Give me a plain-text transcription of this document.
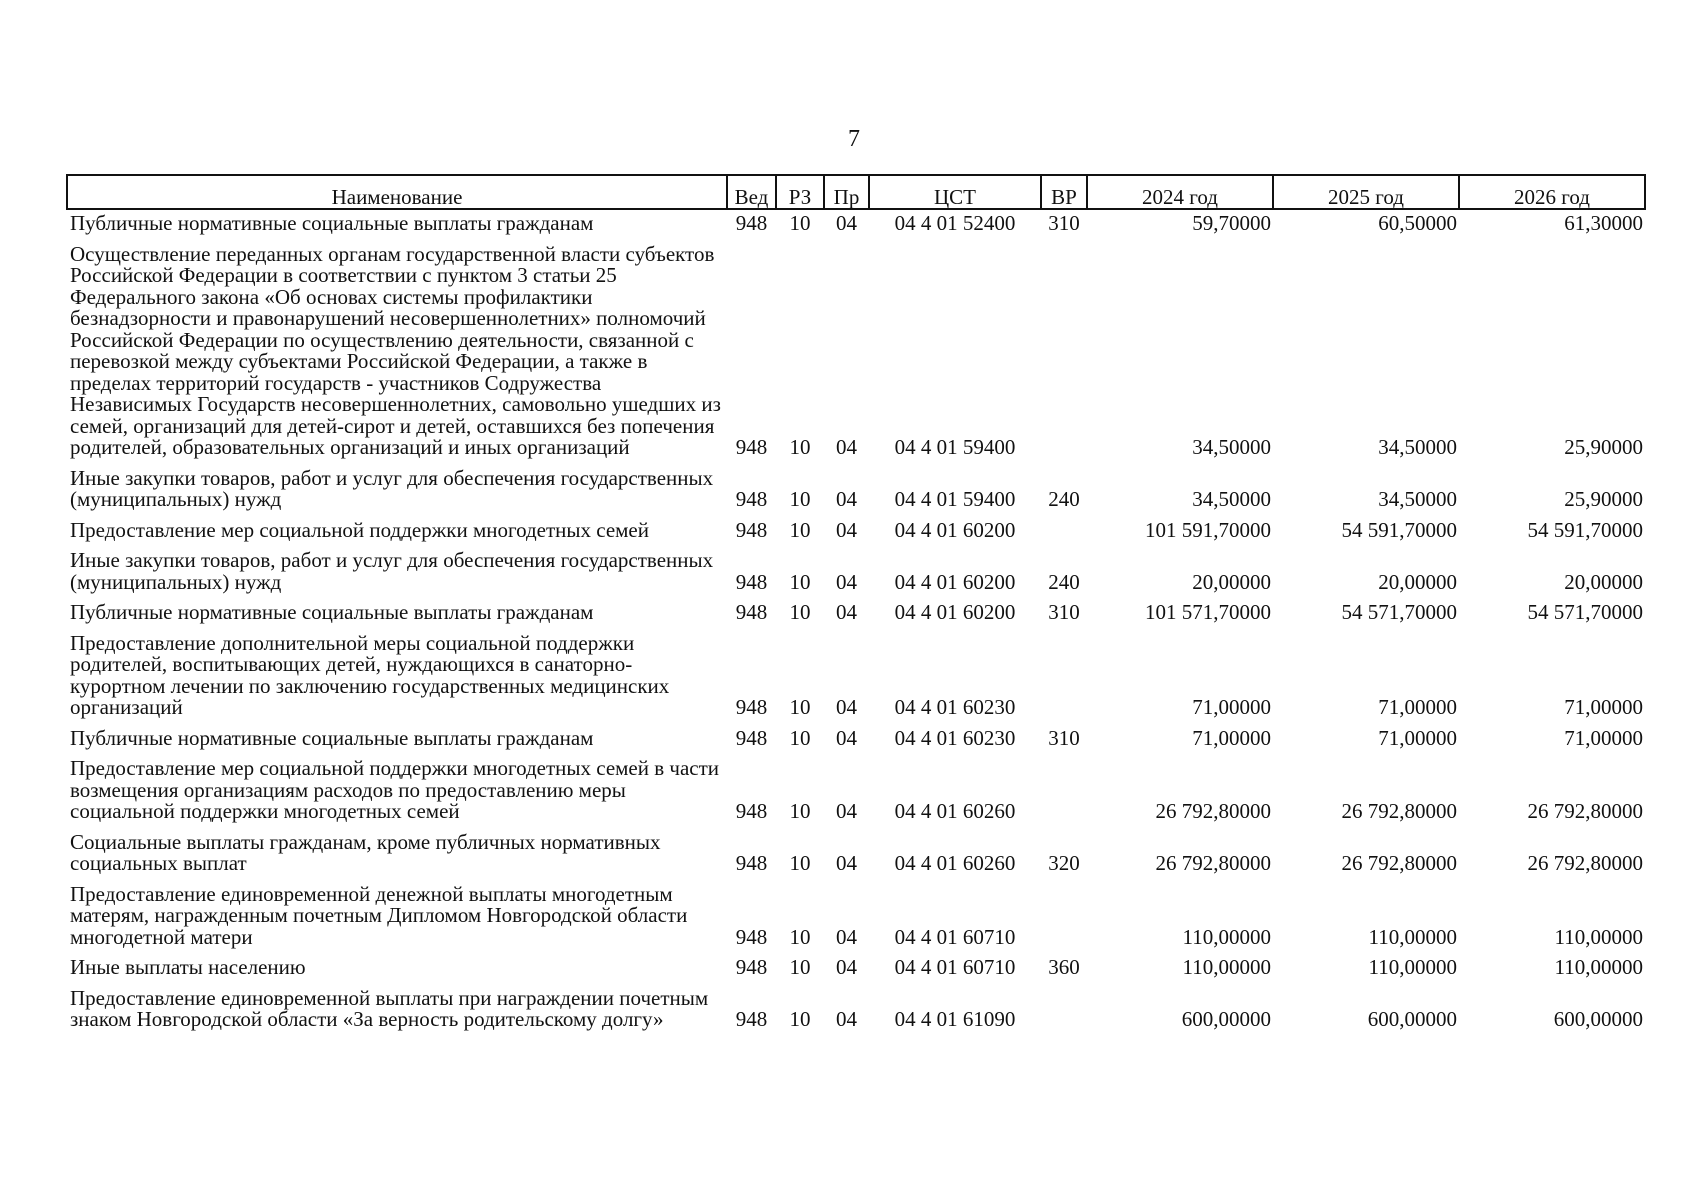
7
Наименование	Вед	РЗ	Пр	ЦСТ	ВР	2024 год	2025 год	2026 год
Публичные нормативные социальные выплаты гражданам	948	10	04	04 4 01 52400	310	59,70000	60,50000	61,30000
Осуществление переданных органам государственной власти субъектов Российской Федерации в соответствии с пунктом 3 статьи 25 Федерального закона «Об основах системы профилактики безнадзорности и правонарушений несовершеннолетних» полномочий Российской Федерации по осуществлению деятельности, связанной с перевозкой между субъектами Российской Федерации, а также в пределах территорий государств - участников Содружества Независимых Государств несовершеннолетних, самовольно ушедших из семей, организаций для детей-сирот и детей, оставшихся без попечения родителей, образовательных организаций и иных организаций	948	10	04	04 4 01 59400		34,50000	34,50000	25,90000
Иные закупки товаров, работ и услуг для обеспечения государственных (муниципальных) нужд	948	10	04	04 4 01 59400	240	34,50000	34,50000	25,90000
Предоставление мер социальной поддержки многодетных семей	948	10	04	04 4 01 60200		101 591,70000	54 591,70000	54 591,70000
Иные закупки товаров, работ и услуг для обеспечения государственных (муниципальных) нужд	948	10	04	04 4 01 60200	240	20,00000	20,00000	20,00000
Публичные нормативные социальные выплаты гражданам	948	10	04	04 4 01 60200	310	101 571,70000	54 571,70000	54 571,70000
Предоставление дополнительной меры социальной поддержки родителей, воспитывающих детей, нуждающихся в санаторно-курортном лечении по заключению государственных медицинских организаций	948	10	04	04 4 01 60230		71,00000	71,00000	71,00000
Публичные нормативные социальные выплаты гражданам	948	10	04	04 4 01 60230	310	71,00000	71,00000	71,00000
Предоставление мер социальной поддержки многодетных семей в части возмещения организациям расходов по предоставлению меры социальной поддержки многодетных семей	948	10	04	04 4 01 60260		26 792,80000	26 792,80000	26 792,80000
Социальные выплаты гражданам, кроме публичных нормативных социальных выплат	948	10	04	04 4 01 60260	320	26 792,80000	26 792,80000	26 792,80000
Предоставление единовременной денежной выплаты многодетным матерям, награжденным почетным Дипломом Новгородской области многодетной матери	948	10	04	04 4 01 60710		110,00000	110,00000	110,00000
Иные выплаты населению	948	10	04	04 4 01 60710	360	110,00000	110,00000	110,00000
Предоставление единовременной выплаты при награждении почетным знаком Новгородской области «За верность родительскому долгу»	948	10	04	04 4 01 61090		600,00000	600,00000	600,00000
